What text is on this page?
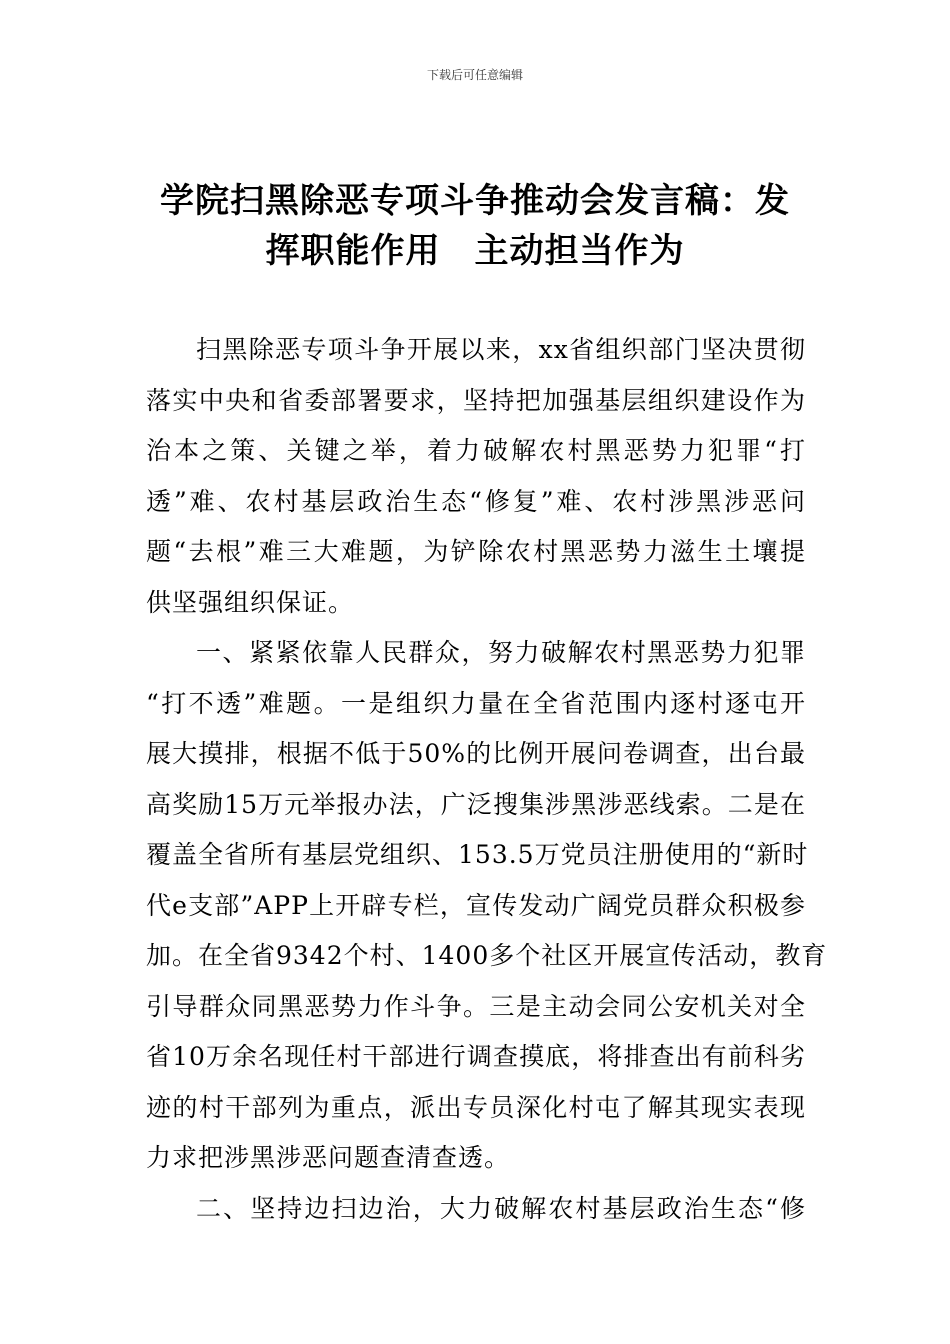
下载后可任意编辑
学院扫黑除恶专项斗争推动会发言稿：发
挥职能作用 主动担当作为

扫黑除恶专项斗争开展以来，xx省组织部门坚决贯彻
落实中央和省委部署要求，坚持把加强基层组织建设作为
治本之策、关键之举，着力破解农村黑恶势力犯罪“打
透”难、农村基层政治生态“修复”难、农村涉黑涉恶问
题“去根”难三大难题，为铲除农村黑恶势力滋生土壤提
供坚强组织保证。

一、紧紧依靠人民群众，努力破解农村黑恶势力犯罪
“打不透”难题。一是组织力量在全省范围内逐村逐屯开
展大摸排，根据不低于50%的比例开展问卷调查，出台最
高奖励15万元举报办法，广泛搜集涉黑涉恶线索。二是在
覆盖全省所有基层党组织、153.5万党员注册使用的“新时
代e支部”APP上开辟专栏，宣传发动广阔党员群众积极参
加。在全省9342个村、1400多个社区开展宣传活动，教育
引导群众同黑恶势力作斗争。三是主动会同公安机关对全
省10万余名现任村干部进行调查摸底，将排查出有前科劣
迹的村干部列为重点，派出专员深化村屯了解其现实表现
力求把涉黑涉恶问题查清查透。

二、坚持边扫边治，大力破解农村基层政治生态“修
